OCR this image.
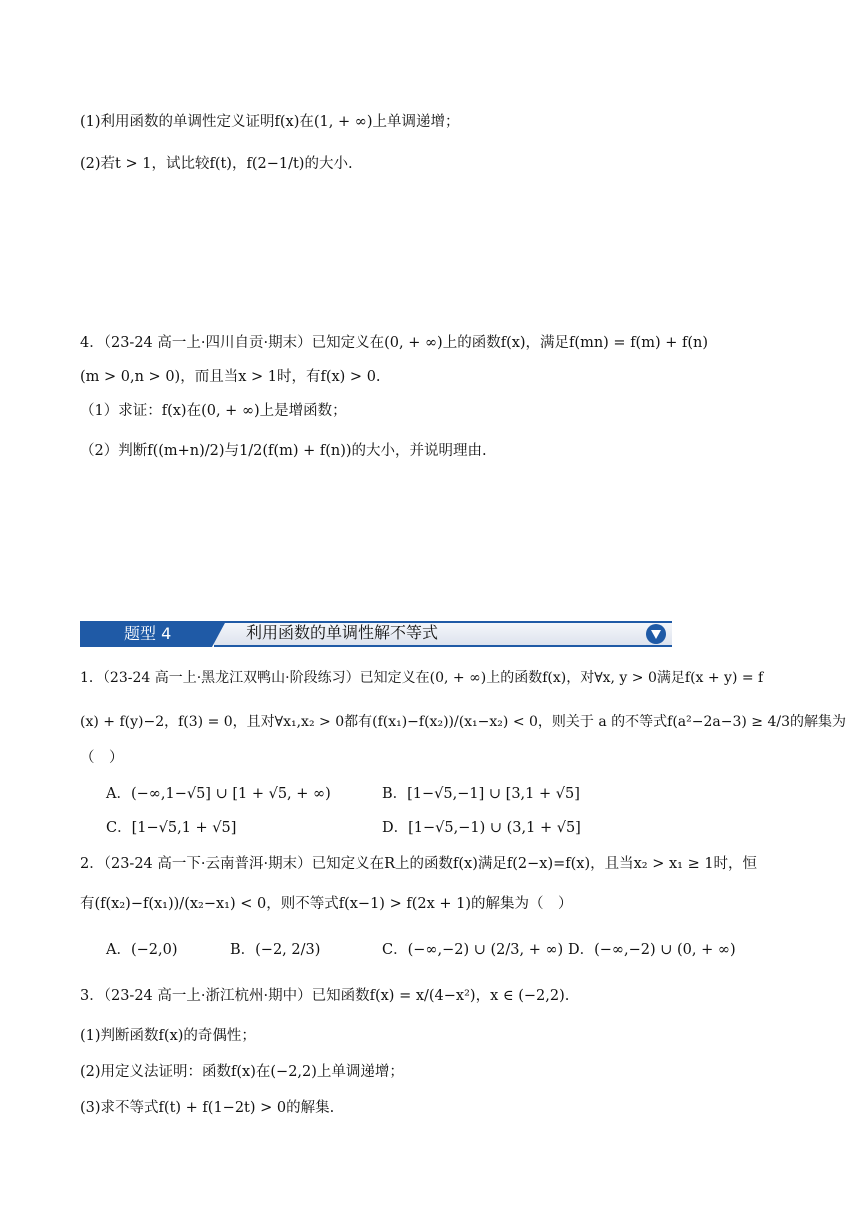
(1)利用函数的单调性定义证明f(x)在(1, + ∞)上单调递增；
(2)若t > 1，试比较f(t)，f(2−1/t)的大小.
4．（23-24 高一上·四川自贡·期末）已知定义在(0, + ∞)上的函数f(x)，满足f(mn) = f(m) + f(n)
(m > 0,n > 0)，而且当x > 1时，有f(x) > 0.
（1）求证：f(x)在(0, + ∞)上是增函数；
（2）判断f((m+n)/2)与1/2(f(m) + f(n))的大小，并说明理由.
题型 4	利用函数的单调性解不等式
1．（23-24 高一上·黑龙江双鸭山·阶段练习）已知定义在(0, + ∞)上的函数f(x)，对∀x, y > 0满足f(x + y) = f
(x) + f(y)−2，f(3) = 0，且对∀x₁,x₂ > 0都有(f(x₁)−f(x₂))/(x₁−x₂) < 0，则关于 a 的不等式f(a²−2a−3) ≥ 4/3的解集为
（　）
A．(−∞,1−√5] ∪ [1 + √5, + ∞)	B．[1−√5,−1] ∪ [3,1 + √5]
C．[1−√5,1 + √5]	D．[1−√5,−1) ∪ (3,1 + √5]
2．（23-24 高一下·云南普洱·期末）已知定义在R上的函数f(x)满足f(2−x)=f(x)，且当x₂ > x₁ ≥ 1时，恒
有(f(x₂)−f(x₁))/(x₂−x₁) < 0，则不等式f(x−1) > f(2x + 1)的解集为（　）
A．(−2,0)	B．(−2, 2/3)	C．(−∞,−2) ∪ (2/3, + ∞) D．(−∞,−2) ∪ (0, + ∞)
3．（23-24 高一上·浙江杭州·期中）已知函数f(x) = x/(4−x²)，x ∈ (−2,2).
(1)判断函数f(x)的奇偶性；
(2)用定义法证明：函数f(x)在(−2,2)上单调递增；
(3)求不等式f(t) + f(1−2t) > 0的解集.
